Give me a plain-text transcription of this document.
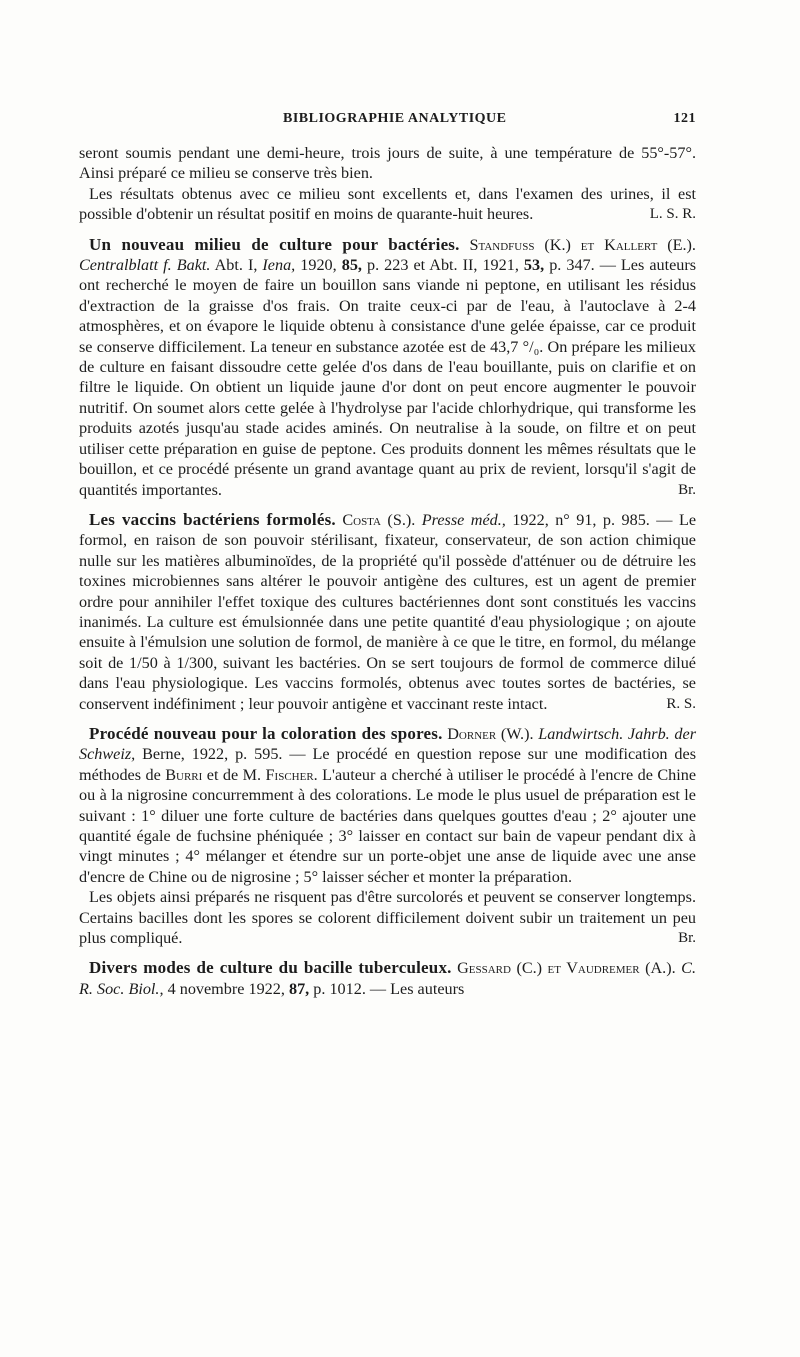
BIBLIOGRAPHIE ANALYTIQUE	121

seront soumis pendant une demi-heure, trois jours de suite, à une température de 55°-57°. Ainsi préparé ce milieu se conserve très bien.

Les résultats obtenus avec ce milieu sont excellents et, dans l'examen des urines, il est possible d'obtenir un résultat positif en moins de quarante-huit heures.	L. S. R.

Un nouveau milieu de culture pour bactéries. Standfuss (K.) et Kallert (E.). Centralblatt f. Bakt. Abt. I, Iena, 1920, 85, p. 223 et Abt. II, 1921, 53, p. 347. — Les auteurs ont recherché le moyen de faire un bouillon sans viande ni peptone, en utilisant les résidus d'extraction de la graisse d'os frais. On traite ceux-ci par de l'eau, à l'autoclave à 2-4 atmosphères, et on évapore le liquide obtenu à consistance d'une gelée épaisse, car ce produit se conserve difficilement. La teneur en substance azotée est de 43,7 °/₀. On prépare les milieux de culture en faisant dissoudre cette gelée d'os dans de l'eau bouillante, puis on clarifie et on filtre le liquide. On obtient un liquide jaune d'or dont on peut encore augmenter le pouvoir nutritif. On soumet alors cette gelée à l'hydrolyse par l'acide chlorhydrique, qui transforme les produits azotés jusqu'au stade acides aminés. On neutralise à la soude, on filtre et on peut utiliser cette préparation en guise de peptone. Ces produits donnent les mêmes résultats que le bouillon, et ce procédé présente un grand avantage quant au prix de revient, lorsqu'il s'agit de quantités importantes.	Br.

Les vaccins bactériens formolés. Costa (S.). Presse méd., 1922, n° 91, p. 985. — Le formol, en raison de son pouvoir stérilisant, fixateur, conservateur, de son action chimique nulle sur les matières albuminoïdes, de la propriété qu'il possède d'atténuer ou de détruire les toxines microbiennes sans altérer le pouvoir antigène des cultures, est un agent de premier ordre pour annihiler l'effet toxique des cultures bactériennes dont sont constitués les vaccins inanimés. La culture est émulsionnée dans une petite quantité d'eau physiologique ; on ajoute ensuite à l'émulsion une solution de formol, de manière à ce que le titre, en formol, du mélange soit de 1/50 à 1/300, suivant les bactéries. On se sert toujours de formol de commerce dilué dans l'eau physiologique. Les vaccins formolés, obtenus avec toutes sortes de bactéries, se conservent indéfiniment ; leur pouvoir antigène et vaccinant reste intact.	R. S.

Procédé nouveau pour la coloration des spores. Dorner (W.). Landwirtsch. Jahrb. der Schweiz, Berne, 1922, p. 595. — Le procédé en question repose sur une modification des méthodes de Burri et de M. Fischer. L'auteur a cherché à utiliser le procédé à l'encre de Chine ou à la nigrosine concurremment à des colorations. Le mode le plus usuel de préparation est le suivant : 1° diluer une forte culture de bactéries dans quelques gouttes d'eau ; 2° ajouter une quantité égale de fuchsine phéniquée ; 3° laisser en contact sur bain de vapeur pendant dix à vingt minutes ; 4° mélanger et étendre sur un porte-objet une anse de liquide avec une anse d'encre de Chine ou de nigrosine ; 5° laisser sécher et monter la préparation.

Les objets ainsi préparés ne risquent pas d'être surcolorés et peuvent se conserver longtemps. Certains bacilles dont les spores se colorent difficilement doivent subir un traitement un peu plus compliqué.	Br.

Divers modes de culture du bacille tuberculeux. Gessard (C.) et Vaudremer (A.). C. R. Soc. Biol., 4 novembre 1922, 87, p. 1012. — Les auteurs
